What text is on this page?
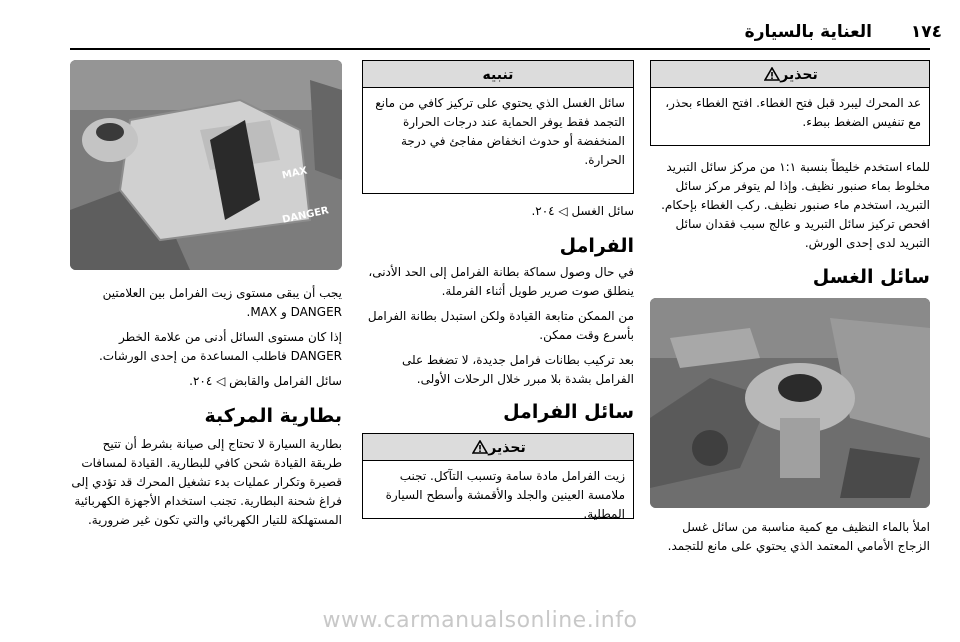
١٧٤
العناية بالسيارة
تحذير
عد المحرك ليبرد قبل فتح الغطاء. افتح الغطاء بحذر، مع تنفيس الضغط ببطء.

للماء استخدم خليطاً بنسبة ١:١ من مركز سائل التبريد مخلوط بماء صنبور نظيف. وإذا لم يتوفر مركز سائل التبريد، استخدم ماء صنبور نظيف. ركب الغطاء بإحكام. افحص تركيز سائل التبريد و عالج سبب فقدان سائل التبريد لدى إحدى الورش.

سائل الغسل

املأ بالماء النظيف مع كمية مناسبة من سائل غسل الزجاج الأمامي المعتمد الذي يحتوي على مانع للتجمد.

تنبيه
سائل الغسل الذي يحتوي على تركيز كافي من مانع التجمد فقط يوفر الحماية عند درجات الحرارة المنخفضة أو حدوث انخفاض مفاجئ في درجة الحرارة.

سائل الغسل ◁ ٢٠٤.

الفرامل

في حال وصول سماكة بطانة الفرامل إلى الحد الأدنى، ينطلق صوت صرير طويل أثناء الفرملة.

من الممكن متابعة القيادة ولكن استبدل بطانة الفرامل بأسرع وقت ممكن.

بعد تركيب بطانات فرامل جديدة، لا تضغط على الفرامل بشدة بلا مبرر خلال الرحلات الأولى.

سائل الفرامل
تحذير
زيت الفرامل مادة سامة وتسبب التآكل. تجنب ملامسة العينين والجلد والأقمشة وأسطح السيارة المطلية.
MAX
DANGER

يجب أن يبقى مستوى زيت الفرامل بين العلامتين DANGER و MAX.

إذا كان مستوى السائل أدنى من علامة الخطر DANGER فاطلب المساعدة من إحدى الورشات.

سائل الفرامل والقابض ◁ ٢٠٤.

بطارية المركبة

بطارية السيارة لا تحتاج إلى صيانة بشرط أن تتيح طريقة القيادة شحن كافي للبطارية. القيادة لمسافات قصيرة وتكرار عمليات بدء تشغيل المحرك قد تؤدي إلى فراغ شحنة البطارية. تجنب استخدام الأجهزة الكهربائية المستهلكة للتيار الكهربائي والتي تكون غير ضرورية.

www.carmanualsonline.info
